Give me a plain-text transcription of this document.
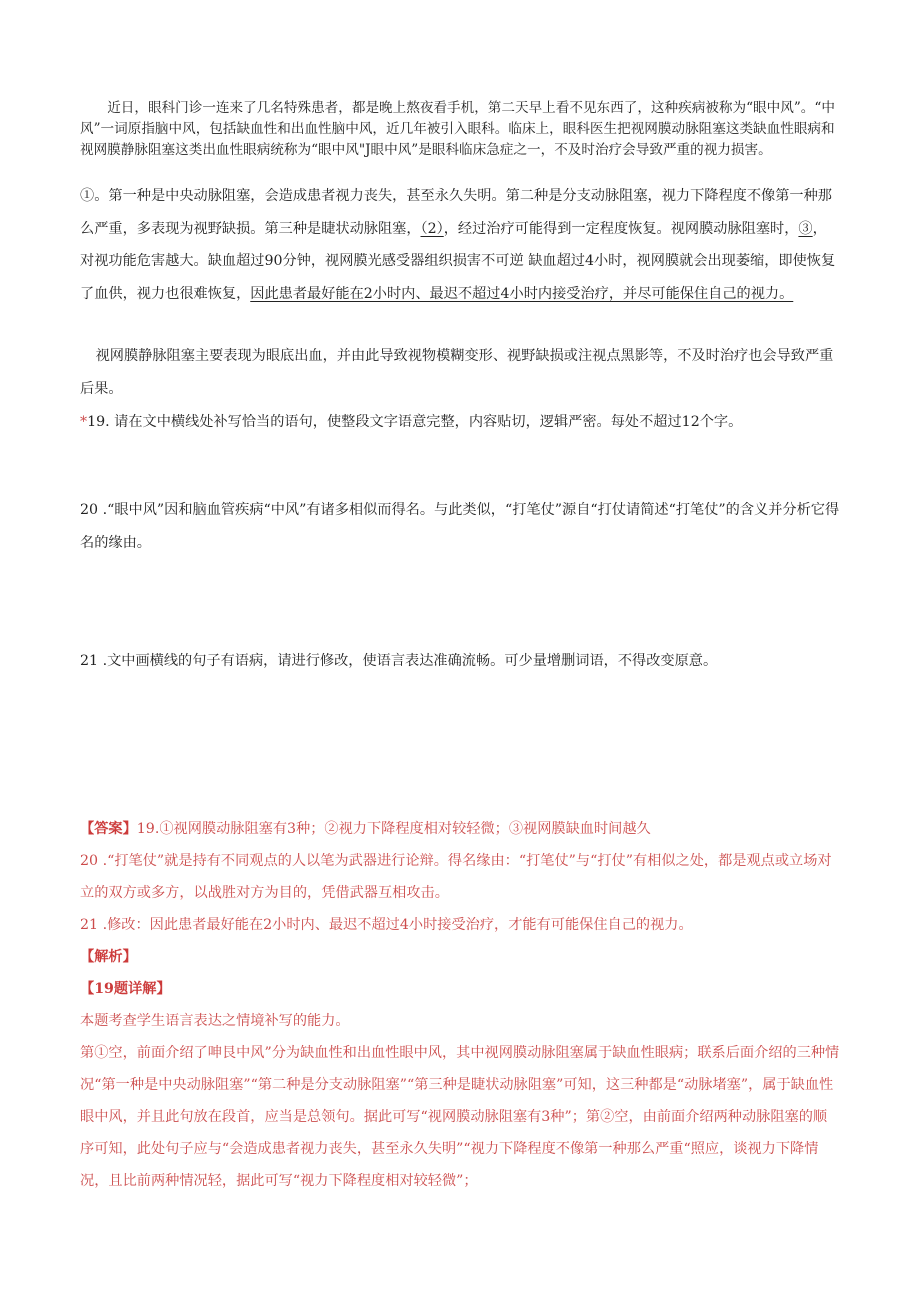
近日，眼科门诊一连来了几名特殊患者，都是晚上熬夜看手机，第二天早上看不见东西了，这种疾病被称为“眼中风”。“中风”一词原指脑中风，包括缺血性和出血性脑中风，近几年被引入眼科。临床上，眼科医生把视网膜动脉阻塞这类缺血性眼病和视网膜静脉阻塞这类出血性眼病统称为“眼中风"J眼中风”是眼科临床急症之一，不及时治疗会导致严重的视力损害。

①。第一种是中央动脉阻塞，会造成患者视力丧失，甚至永久失明。第二种是分支动脉阻塞，视力下降程度不像第一种那么严重，多表现为视野缺损。第三种是睫状动脉阻塞，（2），经过治疗可能得到一定程度恢复。视网膜动脉阻塞时，③，对视功能危害越大。缺血超过90分钟，视网膜光感受器组织损害不可逆 缺血超过4小时，视网膜就会出现萎缩，即使恢复了血供，视力也很难恢复，因此患者最好能在2小时内、最迟不超过4小时内接受治疗，并尽可能保住自己的视力。

视网膜静脉阻塞主要表现为眼底出血，并由此导致视物模糊变形、视野缺损或注视点黑影等，不及时治疗也会导致严重后果。

*19. 请在文中横线处补写恰当的语句，使整段文字语意完整，内容贴切，逻辑严密。每处不超过12个字。

20 .“眼中风”因和脑血管疾病“中风”有诸多相似而得名。与此类似，“打笔仗”源自“打仗请简述“打笔仗”的含义并分析它得名的缘由。

21 .文中画横线的句子有语病，请进行修改，使语言表达准确流畅。可少量增删词语，不得改变原意。

【答案】19.①视网膜动脉阻塞有3种；②视力下降程度相对较轻微；③视网膜缺血时间越久
20 .“打笔仗”就是持有不同观点的人以笔为武器进行论辩。得名缘由：“打笔仗”与“打仗”有相似之处，都是观点或立场对立的双方或多方，以战胜对方为目的，凭借武器互相攻击。
21 .修改：因此患者最好能在2小时内、最迟不超过4小时接受治疗，才能有可能保住自己的视力。
【解析】
【19题详解】
本题考查学生语言表达之情境补写的能力。
第①空，前面介绍了呻艮中风”分为缺血性和出血性眼中风，其中视网膜动脉阻塞属于缺血性眼病；联系后面介绍的三种情况“第一种是中央动脉阻塞”“第二种是分支动脉阻塞”“第三种是睫状动脉阻塞”可知，这三种都是“动脉堵塞”，属于缺血性眼中风，并且此句放在段首，应当是总领句。据此可写“视网膜动脉阻塞有3种”；第②空，由前面介绍两种动脉阻塞的顺序可知，此处句子应与“会造成患者视力丧失，甚至永久失明”“视力下降程度不像第一种那么严重“照应，谈视力下降情况，且比前两种情况轻，据此可写“视力下降程度相对较轻微”；
